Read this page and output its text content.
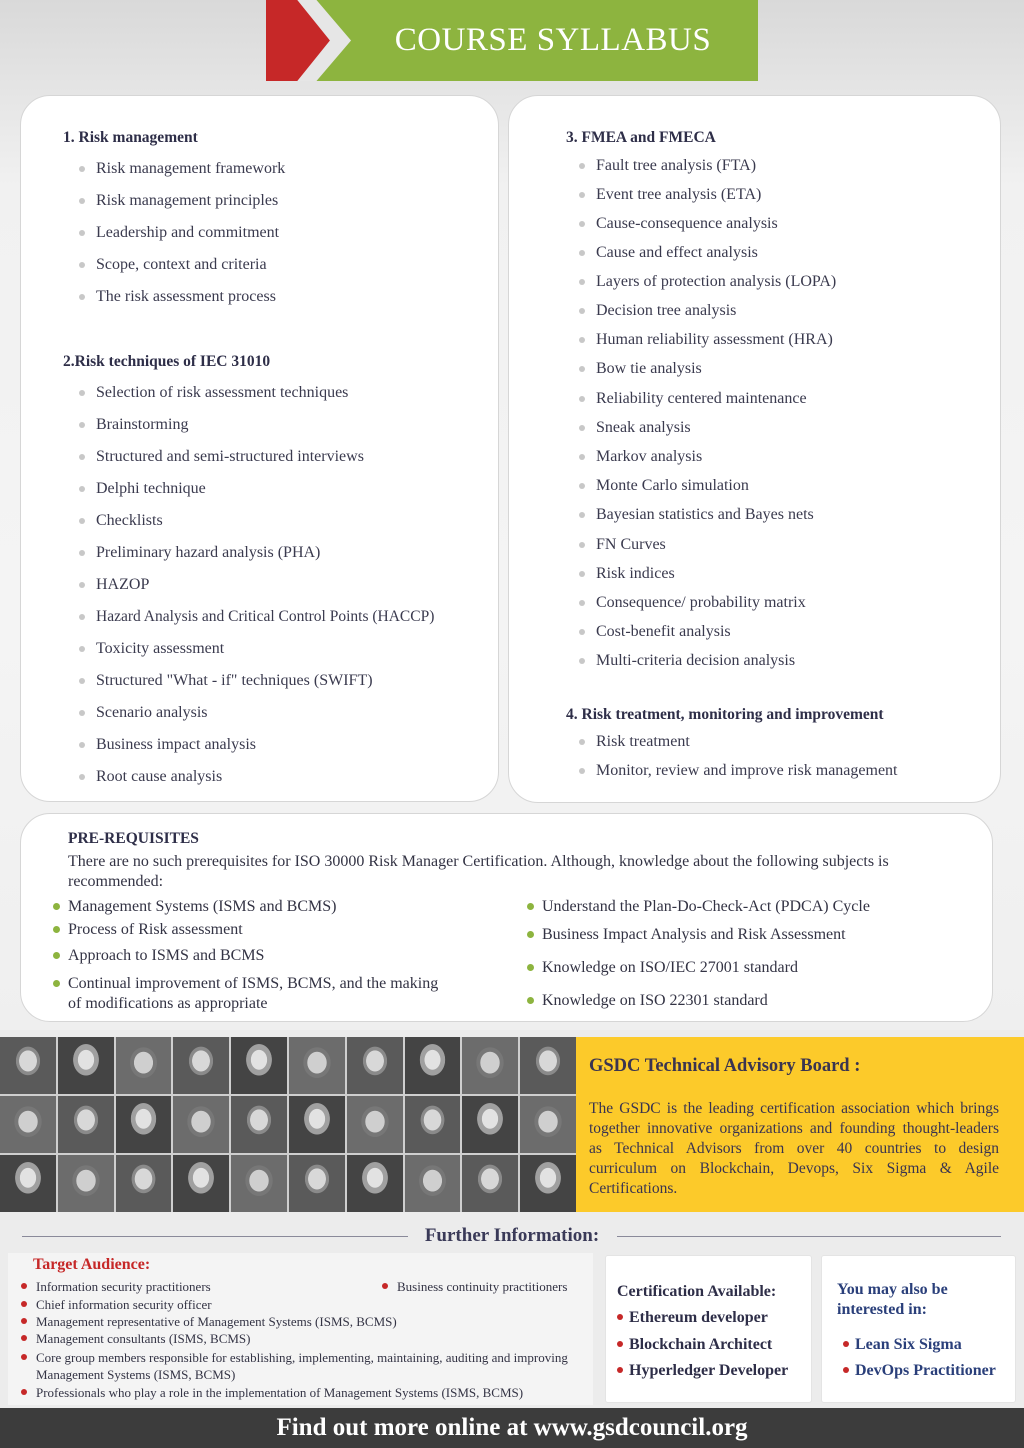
COURSE SYLLABUS
1. Risk management
Risk management framework
Risk management principles
Leadership and commitment
Scope, context and criteria
The risk assessment process
2.Risk techniques of IEC 31010
Selection of risk assessment techniques
Brainstorming
Structured and semi-structured interviews
Delphi technique
Checklists
Preliminary hazard analysis (PHA)
HAZOP
Hazard Analysis and Critical Control Points (HACCP)
Toxicity assessment
Structured "What - if" techniques (SWIFT)
Scenario analysis
Business impact analysis
Root cause analysis
3. FMEA and FMECA
Fault tree analysis (FTA)
Event tree analysis (ETA)
Cause-consequence analysis
Cause and effect analysis
Layers of protection analysis (LOPA)
Decision tree analysis
Human reliability assessment (HRA)
Bow tie analysis
Reliability centered maintenance
Sneak analysis
Markov analysis
Monte Carlo simulation
Bayesian statistics and Bayes nets
FN Curves
Risk indices
Consequence/ probability matrix
Cost-benefit analysis
Multi-criteria decision analysis
4. Risk treatment, monitoring and improvement
Risk treatment
Monitor, review and improve risk management
PRE-REQUISITES
There are no such prerequisites for ISO 30000 Risk Manager Certification. Although, knowledge about the following subjects is recommended:
Management Systems (ISMS and BCMS)
Process of Risk assessment
Approach to ISMS and BCMS
Continual improvement of ISMS, BCMS, and the making of modifications as appropriate
Understand the Plan-Do-Check-Act (PDCA) Cycle
Business Impact Analysis and Risk Assessment
Knowledge on ISO/IEC 27001 standard
Knowledge on ISO 22301 standard
GSDC Technical Advisory Board :
The GSDC is the leading certification association which brings together innovative organizations and founding thought-leaders as Technical Advisors from over 40 countries to design curriculum on Blockchain, Devops, Six Sigma & Agile Certifications.
Further Information:
Target Audience:
Information security practitioners	Business continuity practitioners
Chief information security officer
Management representative of Management Systems (ISMS, BCMS)
Management consultants (ISMS, BCMS)
Core group members responsible for establishing, implementing, maintaining, auditing and improving Management Systems (ISMS, BCMS)
Professionals who play a role in the implementation of Management Systems (ISMS, BCMS)
Certification Available:
Ethereum developer
Blockchain Architect
Hyperledger Developer
You may also be interested in:
Lean Six Sigma
DevOps Practitioner
Find out more online at www.gsdcouncil.org
